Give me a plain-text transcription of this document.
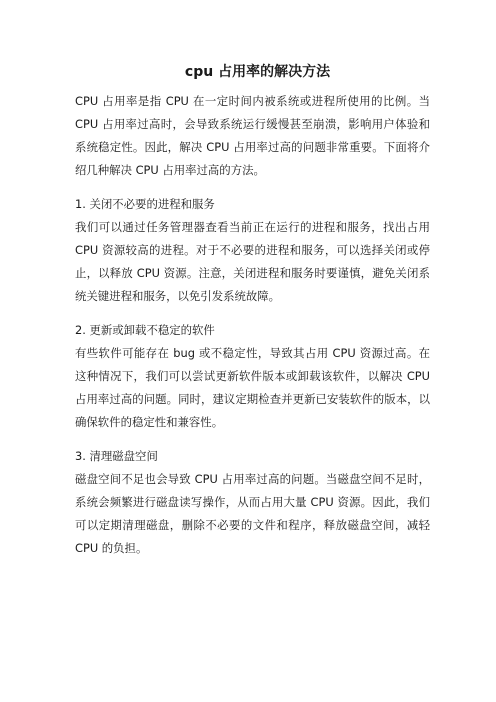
cpu 占用率的解决方法

CPU 占用率是指 CPU 在一定时间内被系统或进程所使用的比例。当 CPU 占用率过高时，会导致系统运行缓慢甚至崩溃，影响用户体验和系统稳定性。因此，解决 CPU 占用率过高的问题非常重要。下面将介绍几种解决 CPU 占用率过高的方法。

1. 关闭不必要的进程和服务

我们可以通过任务管理器查看当前正在运行的进程和服务，找出占用 CPU 资源较高的进程。对于不必要的进程和服务，可以选择关闭或停止，以释放 CPU 资源。注意，关闭进程和服务时要谨慎，避免关闭系统关键进程和服务，以免引发系统故障。

2. 更新或卸载不稳定的软件

有些软件可能存在 bug 或不稳定性，导致其占用 CPU 资源过高。在这种情况下，我们可以尝试更新软件版本或卸载该软件，以解决 CPU 占用率过高的问题。同时，建议定期检查并更新已安装软件的版本，以确保软件的稳定性和兼容性。

3. 清理磁盘空间

磁盘空间不足也会导致 CPU 占用率过高的问题。当磁盘空间不足时，系统会频繁进行磁盘读写操作，从而占用大量 CPU 资源。因此，我们可以定期清理磁盘，删除不必要的文件和程序，释放磁盘空间，减轻 CPU 的负担。
